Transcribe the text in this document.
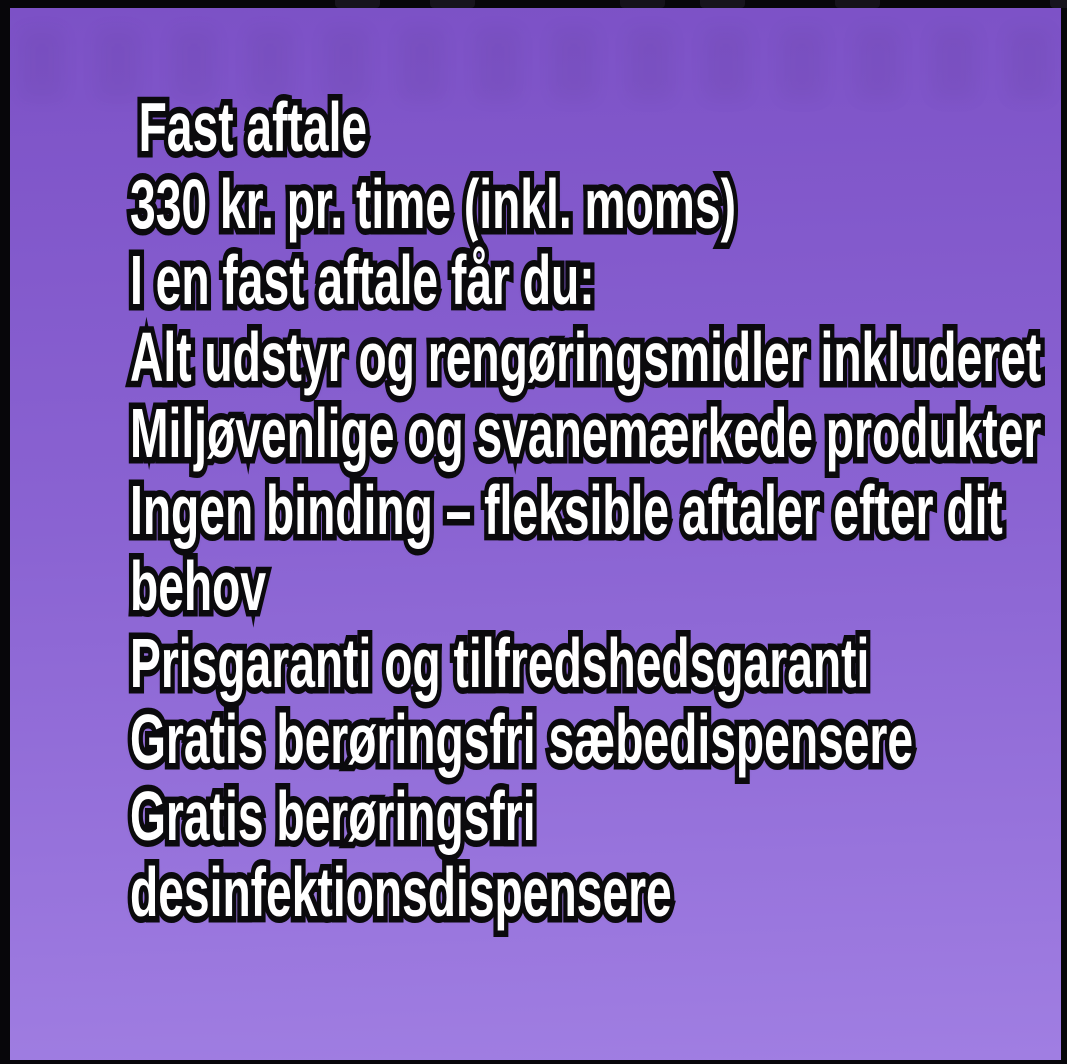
Fast aftale Fast aftale
330 kr. pr. time (inkl. moms) 330 kr. pr. time (inkl. moms)
I en fast aftale får du: I en fast aftale får du:
Alt udstyr og rengøringsmidler inkluderet Alt udstyr og rengøringsmidler inkluderet
Miljøvenlige og svanemærkede produkter Miljøvenlige og svanemærkede produkter
Ingen binding – fleksible aftaler efter dit Ingen binding – fleksible aftaler efter dit
behov behov
Prisgaranti og tilfredshedsgaranti Prisgaranti og tilfredshedsgaranti
Gratis berøringsfri sæbedispensere Gratis berøringsfri sæbedispensere
Gratis berøringsfri Gratis berøringsfri
desinfektionsdispensere desinfektionsdispensere
